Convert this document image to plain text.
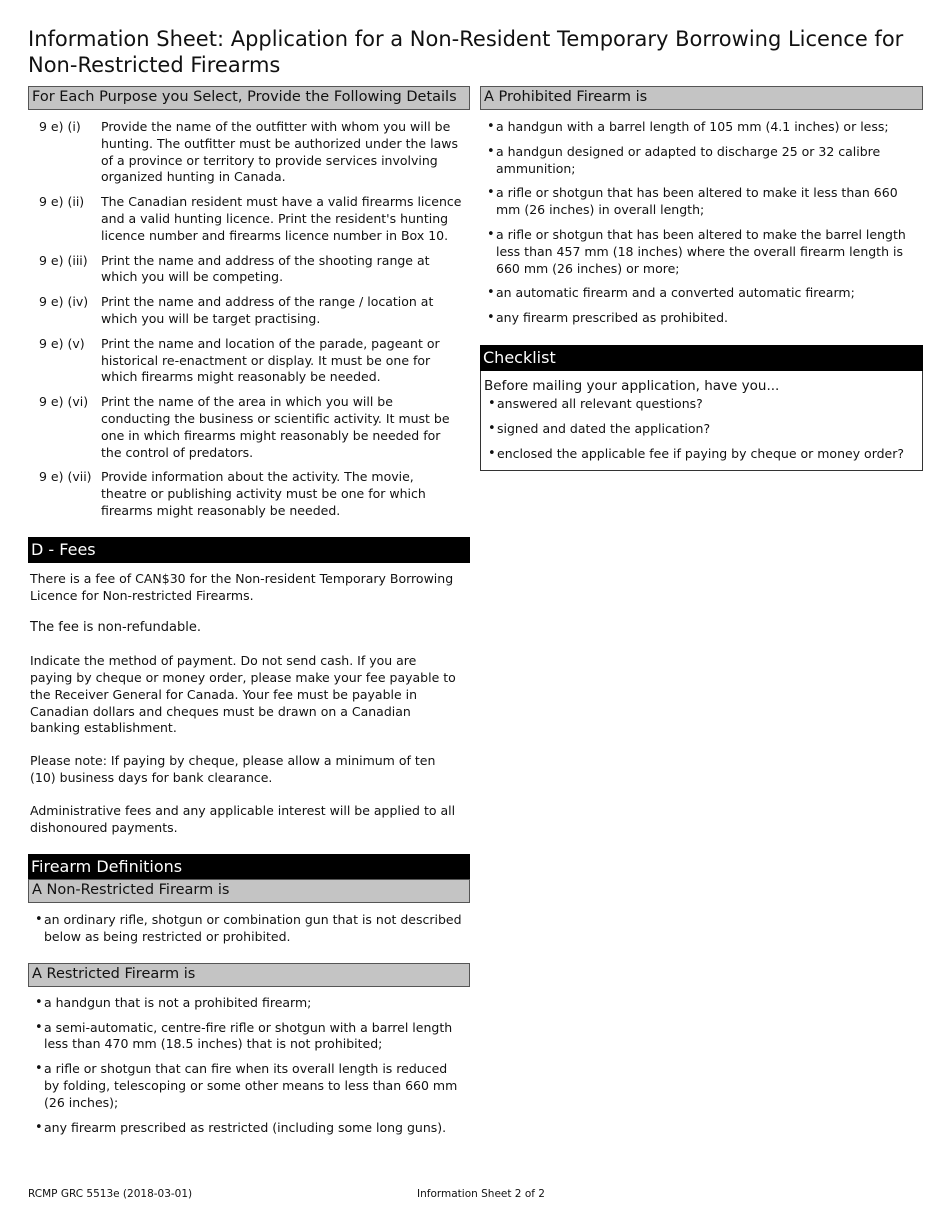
Information Sheet: Application for a Non-Resident Temporary Borrowing Licence for Non-Restricted Firearms
For Each Purpose you Select, Provide the Following Details
9 e) (i)	Provide the name of the outfitter with whom you will be hunting. The outfitter must be authorized under the laws of a province or territory to provide services involving organized hunting in Canada.
9 e) (ii)	The Canadian resident must have a valid firearms licence and a valid hunting licence. Print the resident's hunting licence number and firearms licence number in Box 10.
9 e) (iii)	Print the name and address of the shooting range at which you will be competing.
9 e) (iv)	Print the name and address of the range / location at which you will be target practising.
9 e) (v)	Print the name and location of the parade, pageant or historical re-enactment or display. It must be one for which firearms might reasonably be needed.
9 e) (vi)	Print the name of the area in which you will be conducting the business or scientific activity. It must be one in which firearms might reasonably be needed for the control of predators.
9 e) (vii) Provide information about the activity. The movie, theatre or publishing activity must be one for which firearms might reasonably be needed.
D - Fees

There is a fee of CAN$30 for the Non-resident Temporary Borrowing Licence for Non-restricted Firearms.

The fee is non-refundable.

Indicate the method of payment. Do not send cash. If you are paying by cheque or money order, please make your fee payable to the Receiver General for Canada. Your fee must be payable in Canadian dollars and cheques must be drawn on a Canadian banking establishment.

Please note: If paying by cheque, please allow a minimum of ten (10) business days for bank clearance.

Administrative fees and any applicable interest will be applied to all dishonoured payments.

Firearm Definitions
A Non-Restricted Firearm is
• an ordinary rifle, shotgun or combination gun that is not described below as being restricted or prohibited.
A Restricted Firearm is
• a handgun that is not a prohibited firearm;
• a semi-automatic, centre-fire rifle or shotgun with a barrel length less than 470 mm (18.5 inches) that is not prohibited;
• a rifle or shotgun that can fire when its overall length is reduced by folding, telescoping or some other means to less than 660 mm (26 inches);
• any firearm prescribed as restricted (including some long guns).
A Prohibited Firearm is
• a handgun with a barrel length of 105 mm (4.1 inches) or less;
• a handgun designed or adapted to discharge 25 or 32 calibre ammunition;
• a rifle or shotgun that has been altered to make it less than 660 mm (26 inches) in overall length;
• a rifle or shotgun that has been altered to make the barrel length less than 457 mm (18 inches) where the overall firearm length is 660 mm (26 inches) or more;
• an automatic firearm and a converted automatic firearm;
• any firearm prescribed as prohibited.
Checklist
Before mailing your application, have you...
• answered all relevant questions?
• signed and dated the application?
• enclosed the applicable fee if paying by cheque or money order?
RCMP GRC 5513e (2018-03-01)	Information Sheet 2 of 2
